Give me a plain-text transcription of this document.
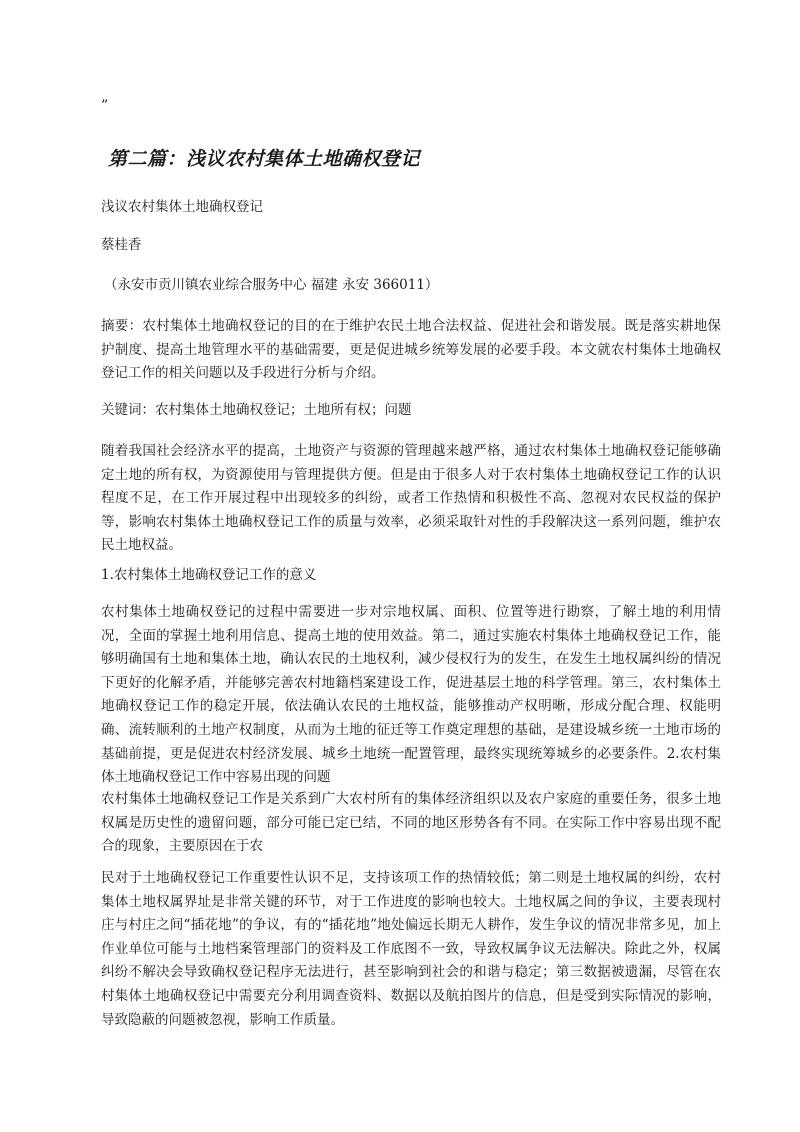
”
第二篇：浅议农村集体土地确权登记
浅议农村集体土地确权登记
蔡桂香
（永安市贡川镇农业综合服务中心 福建 永安 366011）
摘要：农村集体土地确权登记的目的在于维护农民土地合法权益、促进社会和谐发展。既是落实耕地保护制度、提高土地管理水平的基础需要，更是促进城乡统筹发展的必要手段。本文就农村集体土地确权登记工作的相关问题以及手段进行分析与介绍。
关键词：农村集体土地确权登记；土地所有权；问题
随着我国社会经济水平的提高，土地资产与资源的管理越来越严格，通过农村集体土地确权登记能够确定土地的所有权，为资源使用与管理提供方便。但是由于很多人对于农村集体土地确权登记工作的认识程度不足，在工作开展过程中出现较多的纠纷，或者工作热情和积极性不高、忽视对农民权益的保护等，影响农村集体土地确权登记工作的质量与效率，必须采取针对性的手段解决这一系列问题，维护农民土地权益。
1.农村集体土地确权登记工作的意义
农村集体土地确权登记的过程中需要进一步对宗地权属、面积、位置等进行勘察，了解土地的利用情况，全面的掌握土地利用信息、提高土地的使用效益。第二，通过实施农村集体土地确权登记工作，能够明确国有土地和集体土地，确认农民的土地权利，减少侵权行为的发生，在发生土地权属纠纷的情况下更好的化解矛盾，并能够完善农村地籍档案建设工作，促进基层土地的科学管理。第三，农村集体土地确权登记工作的稳定开展，依法确认农民的土地权益，能够推动产权明晰，形成分配合理、权能明确、流转顺利的土地产权制度，从而为土地的征迁等工作奠定理想的基础，是建设城乡统一土地市场的基础前提，更是促进农村经济发展、城乡土地统一配置管理，最终实现统筹城乡的必要条件。2.农村集体土地确权登记工作中容易出现的问题
农村集体土地确权登记工作是关系到广大农村所有的集体经济组织以及农户家庭的重要任务，很多土地权属是历史性的遗留问题，部分可能已定已结，不同的地区形势各有不同。在实际工作中容易出现不配合的现象，主要原因在于农
民对于土地确权登记工作重要性认识不足，支持该项工作的热情较低；第二则是土地权属的纠纷，农村集体土地权属界址是非常关键的环节，对于工作进度的影响也较大。土地权属之间的争议，主要表现村庄与村庄之间“插花地”的争议，有的“插花地”地处偏远长期无人耕作，发生争议的情况非常多见，加上作业单位可能与土地档案管理部门的资料及工作底图不一致，导致权属争议无法解决。除此之外，权属纠纷不解决会导致确权登记程序无法进行，甚至影响到社会的和谐与稳定；第三数据被遗漏，尽管在农村集体土地确权登记中需要充分利用调查资料、数据以及航拍图片的信息，但是受到实际情况的影响，导致隐蔽的问题被忽视，影响工作质量。
